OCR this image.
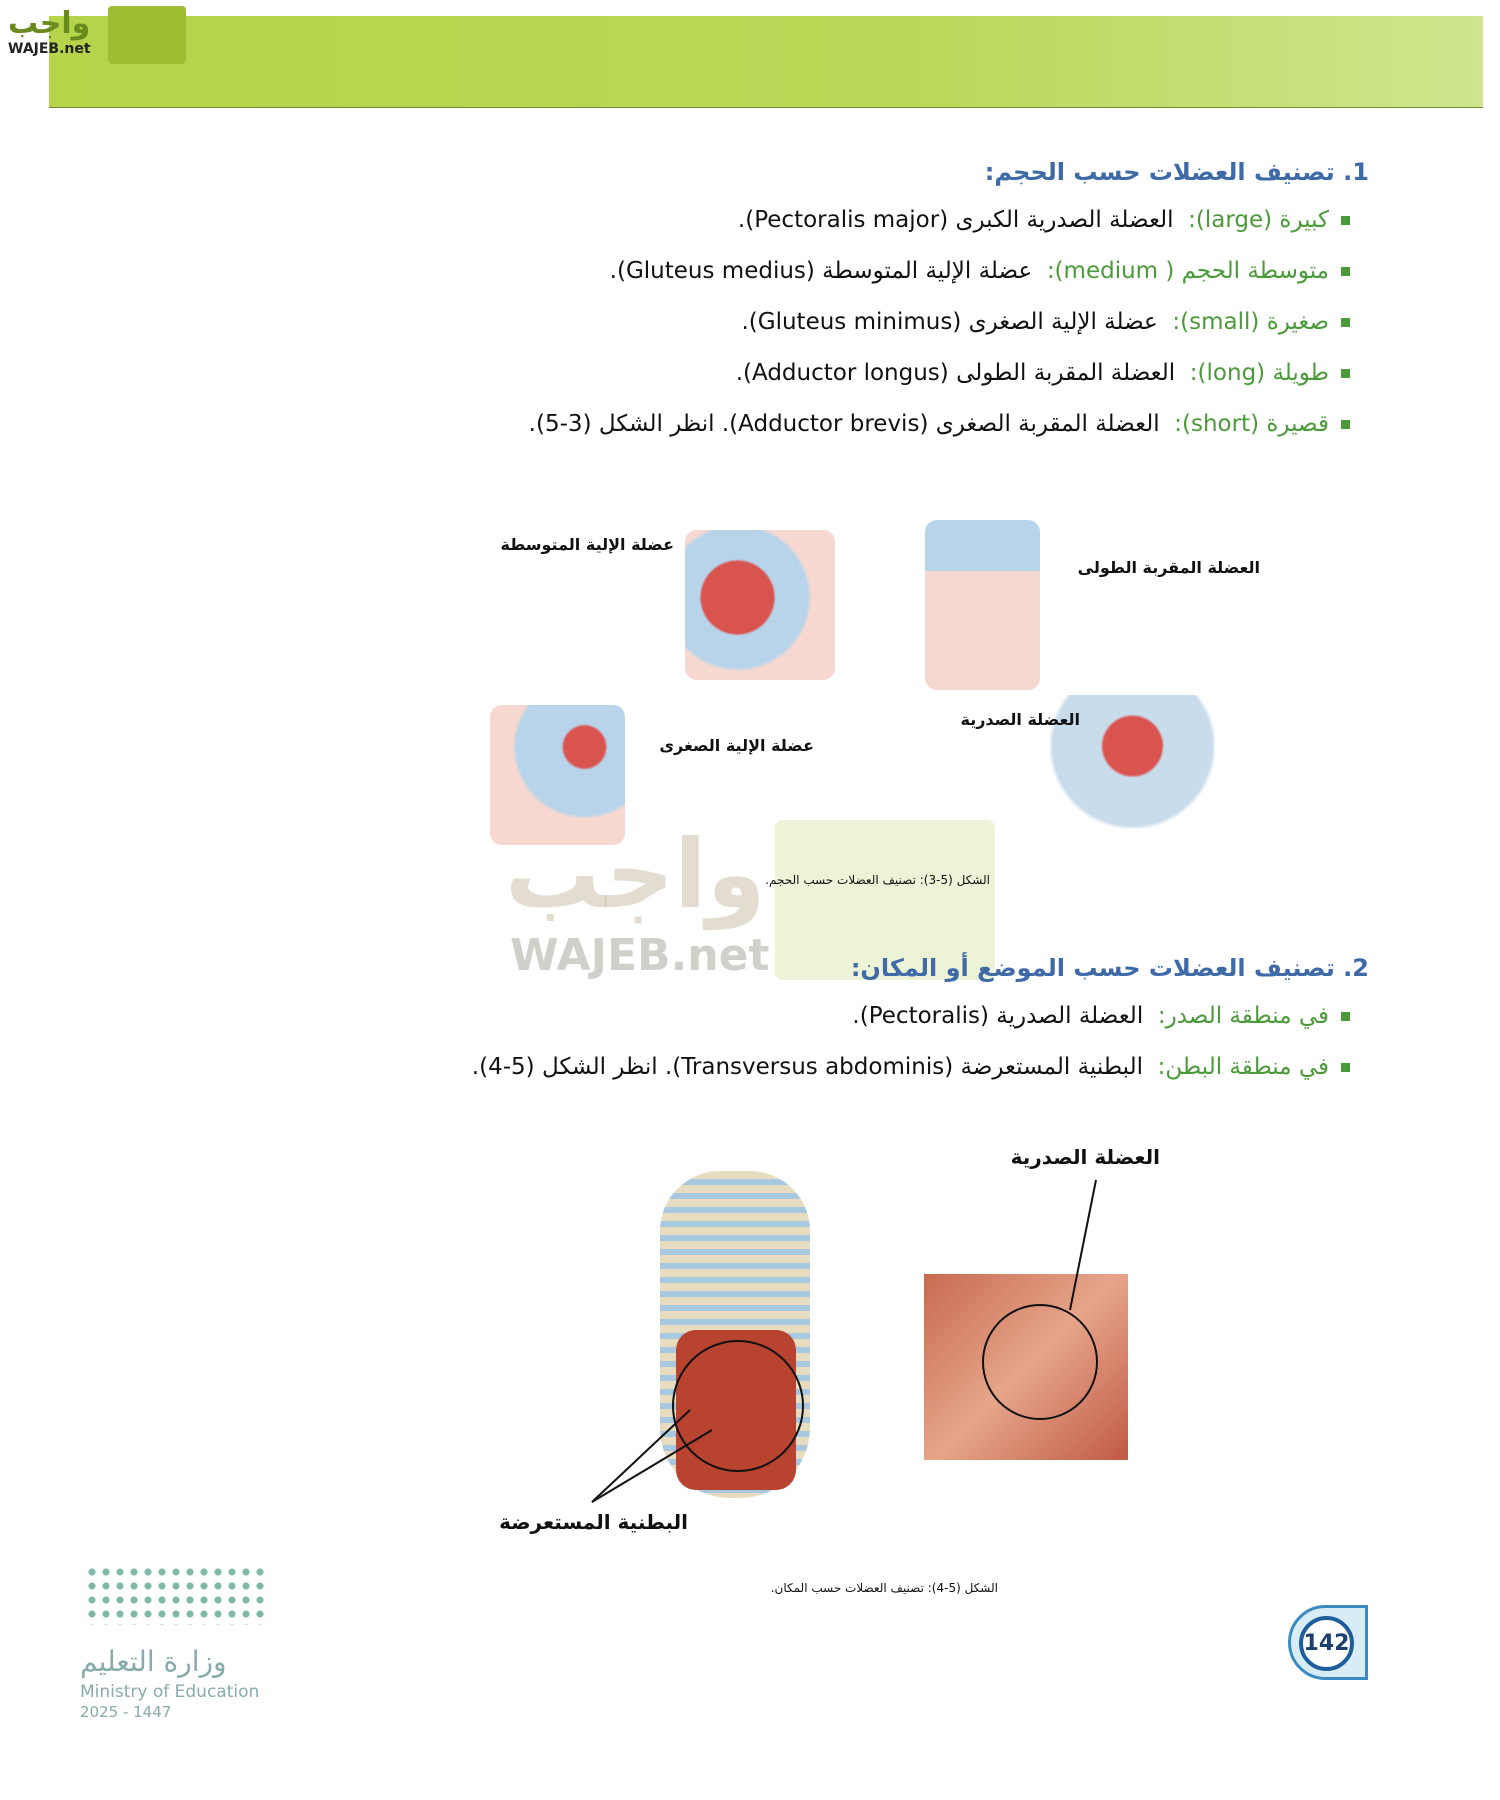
واجب
WAJEB.net
1. تصنيف العضلات حسب الحجم:
كبيرة (large):  العضلة الصدرية الكبرى (Pectoralis major).
متوسطة الحجم ( medium):  عضلة الإلية المتوسطة (Gluteus medius).
صغيرة (small):  عضلة الإلية الصغرى (Gluteus minimus).
طويلة (long):  العضلة المقربة الطولى (Adductor longus).
قصيرة (short):  العضلة المقربة الصغرى (Adductor brevis). انظر الشكل (3-5).
عضلة الإلية المتوسطة
العضلة المقربة الطولى
عضلة الإلية الصغرى
العضلة الصدرية
واجب
WAJEB.net
الشكل (5-3): تصنيف العضلات حسب الحجم.
2. تصنيف العضلات حسب الموضع أو المكان:
في منطقة الصدر:  العضلة الصدرية (Pectoralis).
في منطقة البطن:  البطنية المستعرضة (Transversus abdominis). انظر الشكل (5-4).
العضلة الصدرية
البطنية المستعرضة
الشكل (5-4): تصنيف العضلات حسب المكان.
وزارة التعليم
Ministry of Education
2025 - 1447
142
